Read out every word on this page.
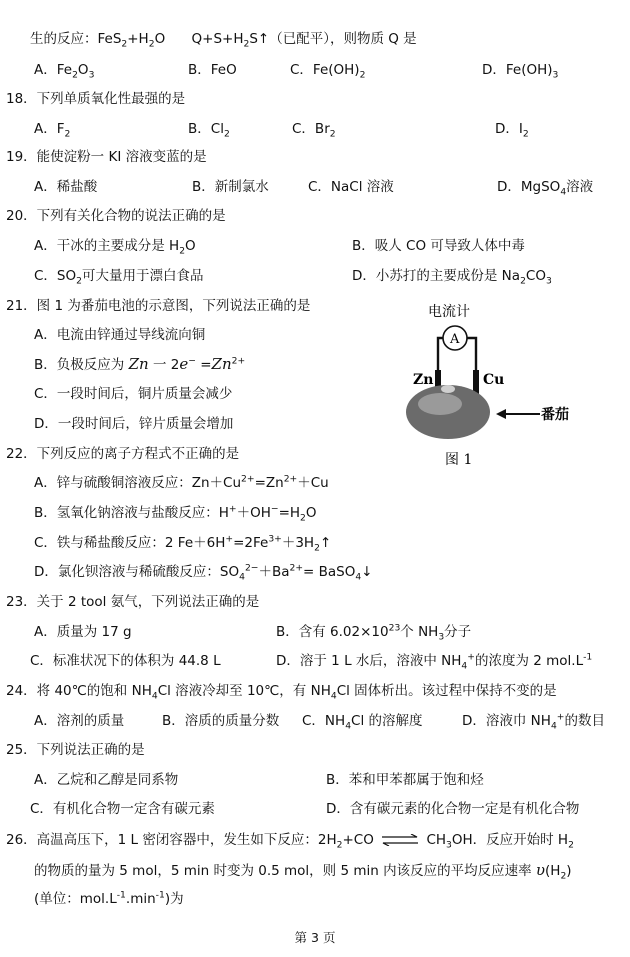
生的反应：$FeS_2+H_2O$ $Q+S+H_2S↑$（已配平），则物质 Q 是
A．$Fe_2O_3$	B．FeO	C．$Fe(OH)_2$	D．$Fe(OH)_3$
18．下列单质氧化性最强的是
A．$F_2$	B．$Cl_2$	C．$Br_2$	D．$I_2$
19．能使淀粉一 KI 溶液变蓝的是
A．稀盐酸	B．新制氯水	C．NaCl 溶液	D．MgSO$_4$溶液
20．下列有关化合物的说法正确的是
A．干冰的主要成分是 $H_2O$	B．吸人 CO 可导致人体中毒
C．$SO_2$可大量用于漂白食品	D．小苏打的主要成份是 $Na_2CO_3$
21．图 1 为番茄电池的示意图，下列说法正确的是
A．电流由锌通过导线流向铜
B．负极反应为 Zn 一 $2e^- =Zn^{2+}$
C．一段时间后，铜片质量会减少
D．一段时间后，锌片质量会增加
电流计
A
Zn	Cu
番茄
图 1
22．下列反应的离子方程式不正确的是
A．锌与硫酸铜溶液反应：$Zn+Cu^{2+}=Zn^{2+}+Cu$
B．氢氧化钠溶液与盐酸反应：$H^++OH^-=H_2O$
C．铁与稀盐酸反应：2 $Fe+6H^+=2Fe^{3+}+3H_2↑$
D．氯化钡溶液与稀硫酸反应：$SO_4^{2-}+Ba^{2+}=$ BaSO$_4$↓
23．关于 2 tool 氨气，下列说法正确的是
A．质量为 17 g	B．含有 $6.02\times 10^{23}$个 $NH_3$分子
C．标准状况下的体积为 44.8 L	D．溶于 1 L 水后，溶液中 $NH_4^+$的浓度为 2 $mol.L^{-1}$
24．将 40℃的饱和 $NH_4Cl$ 溶液冷却至 10℃，有 $NH_4Cl$ 固体析出。该过程中保持不变的是
A．溶剂的质量	B．溶质的质量分数 C．$NH_4Cl$ 的溶解度	D．溶液巾 $NH_4^+$的数目
25．下列说法正确的是
A．乙烷和乙醇是同系物	B．苯和甲苯都属于饱和烃
C．有机化合物一定含有碳元素	D．含有碳元素的化合物一定是有机化合物
26．高温高压下，1 L 密闭容器中，发生如下反应：$2H_2+CO$ ⇌ $CH_3OH$．反应开始时 $H_2$
的物质的量为 5 mol，5 min 时变为 0.5 mol，则 5 min 内该反应的平均反应速率 $\upsilon(H_2)$
(单位：$mol.L^{-1}.\min^{-1}$)为
第 3 页
